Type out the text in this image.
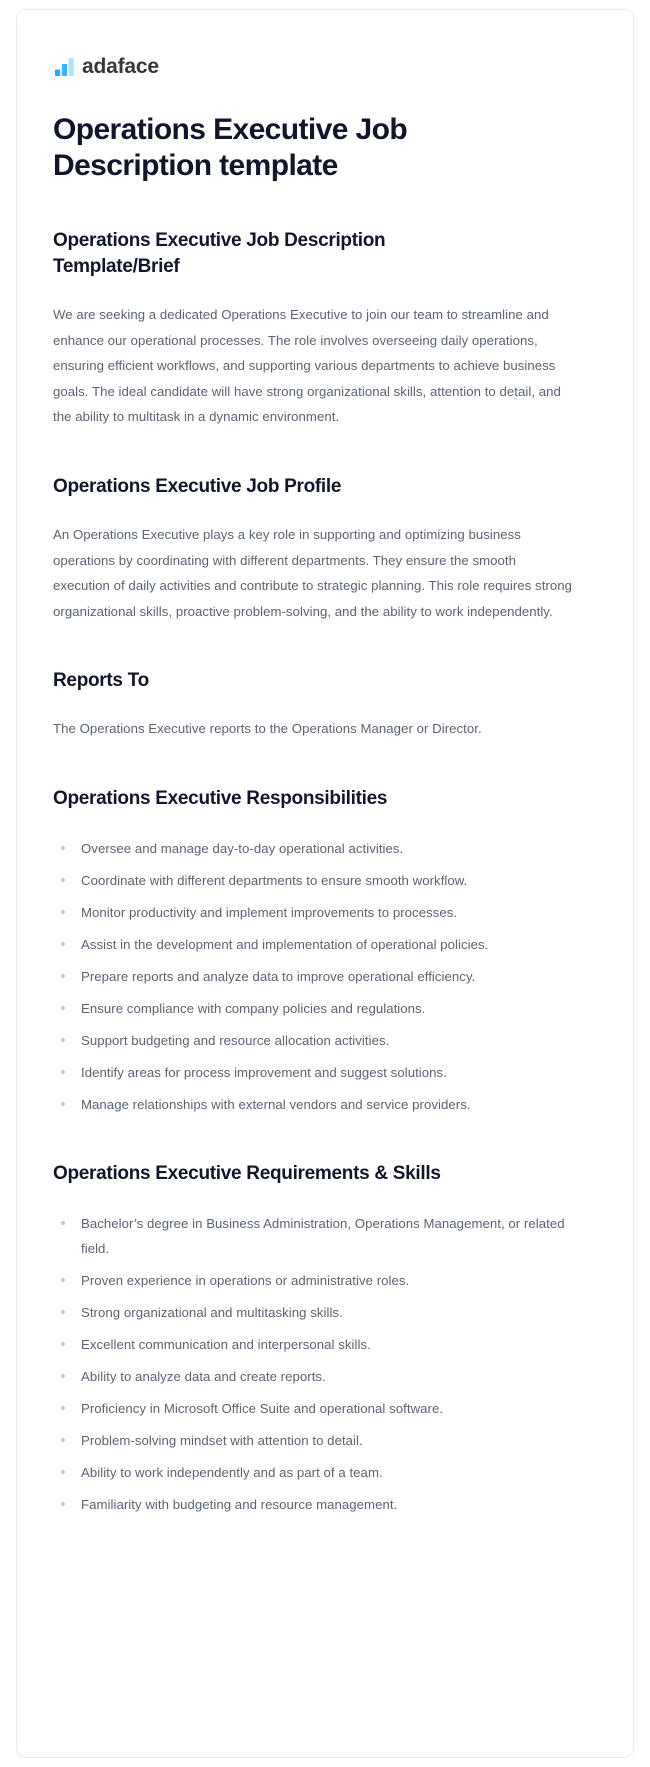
adaface
Operations Executive Job Description template
Operations Executive Job Description Template/Brief

We are seeking a dedicated Operations Executive to join our team to streamline and enhance our operational processes. The role involves overseeing daily operations, ensuring efficient workflows, and supporting various departments to achieve business goals. The ideal candidate will have strong organizational skills, attention to detail, and the ability to multitask in a dynamic environment.

Operations Executive Job Profile

An Operations Executive plays a key role in supporting and optimizing business operations by coordinating with different departments. They ensure the smooth execution of daily activities and contribute to strategic planning. This role requires strong organizational skills, proactive problem-solving, and the ability to work independently.

Reports To

The Operations Executive reports to the Operations Manager or Director.

Operations Executive Responsibilities
Oversee and manage day-to-day operational activities.
Coordinate with different departments to ensure smooth workflow.
Monitor productivity and implement improvements to processes.
Assist in the development and implementation of operational policies.
Prepare reports and analyze data to improve operational efficiency.
Ensure compliance with company policies and regulations.
Support budgeting and resource allocation activities.
Identify areas for process improvement and suggest solutions.
Manage relationships with external vendors and service providers.
Operations Executive Requirements & Skills
Bachelor’s degree in Business Administration, Operations Management, or related field.
Proven experience in operations or administrative roles.
Strong organizational and multitasking skills.
Excellent communication and interpersonal skills.
Ability to analyze data and create reports.
Proficiency in Microsoft Office Suite and operational software.
Problem-solving mindset with attention to detail.
Ability to work independently and as part of a team.
Familiarity with budgeting and resource management.
